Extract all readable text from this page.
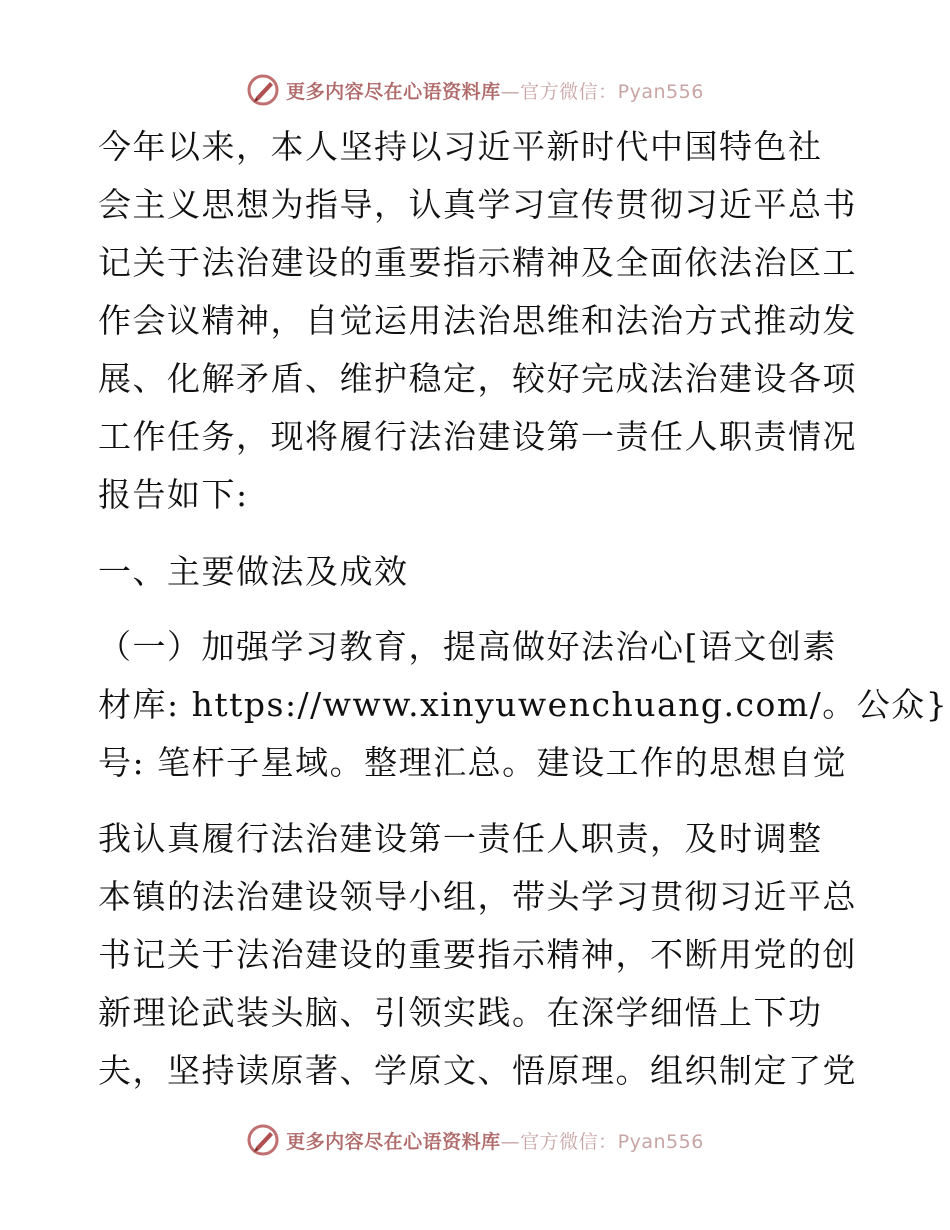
更多内容尽在心语资料库—官方微信：Pyan556
今年以来，本人坚持以习近平新时代中国特色社
会主义思想为指导，认真学习宣传贯彻习近平总书
记关于法治建设的重要指示精神及全面依法治区工
作会议精神，自觉运用法治思维和法治方式推动发
展、化解矛盾、维护稳定，较好完成法治建设各项
工作任务，现将履行法治建设第一责任人职责情况
报告如下:
一、主要做法及成效
（一）加强学习教育，提高做好法治心[语文创素
材库: https://www.xinyuwenchuang.com/。公众}
号: 笔杆子星域。整理汇总。建设工作的思想自觉
我认真履行法治建设第一责任人职责，及时调整
本镇的法治建设领导小组，带头学习贯彻习近平总
书记关于法治建设的重要指示精神，不断用党的创
新理论武装头脑、引领实践。在深学细悟上下功
夫，坚持读原著、学原文、悟原理。组织制定了党
更多内容尽在心语资料库—官方微信：Pyan556
